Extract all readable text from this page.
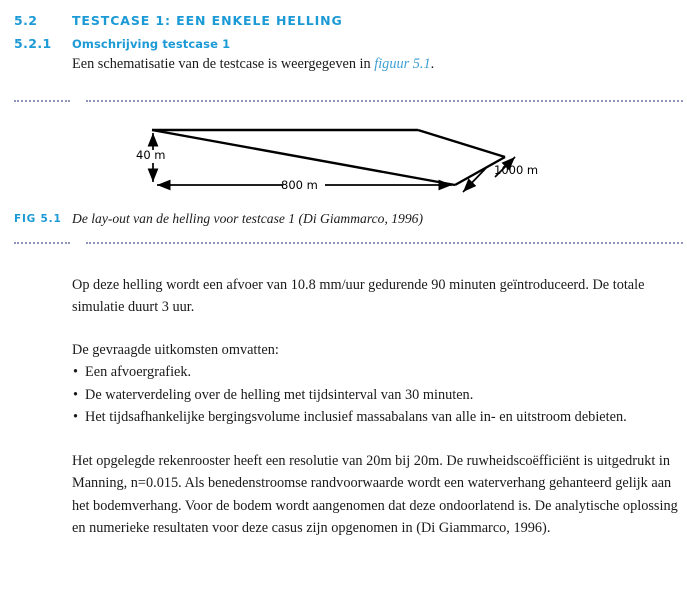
5.2	TESTCASE 1: EEN ENKELE HELLING
5.2.1	Omschrijving testcase 1

Een schematisatie van de testcase is weergegeven in figuur 5.1.

40 m
800 m
1000 m
FIG 5.1 De lay-out van de helling voor testcase 1 (Di Giammarco, 1996)

Op deze helling wordt een afvoer van 10.8 mm/uur gedurende 90 minuten geïntroduceerd. De totale simulatie duurt 3 uur.

De gevraagde uitkomsten omvatten:

• Een afvoergrafiek.
• De waterverdeling over de helling met tijdsinterval van 30 minuten.
• Het tijdsafhankelijke bergingsvolume inclusief massabalans van alle in- en uitstroom debieten.

Het opgelegde rekenrooster heeft een resolutie van 20m bij 20m. De ruwheidscoëfficiënt is uitgedrukt in Manning, n=0.015. Als benedenstroomse randvoorwaarde wordt een waterverhang gehanteerd gelijk aan het bodemverhang. Voor de bodem wordt aangenomen dat deze ondoorlatend is. De analytische oplossing en numerieke resultaten voor deze casus zijn opgenomen in (Di Giammarco, 1996).
